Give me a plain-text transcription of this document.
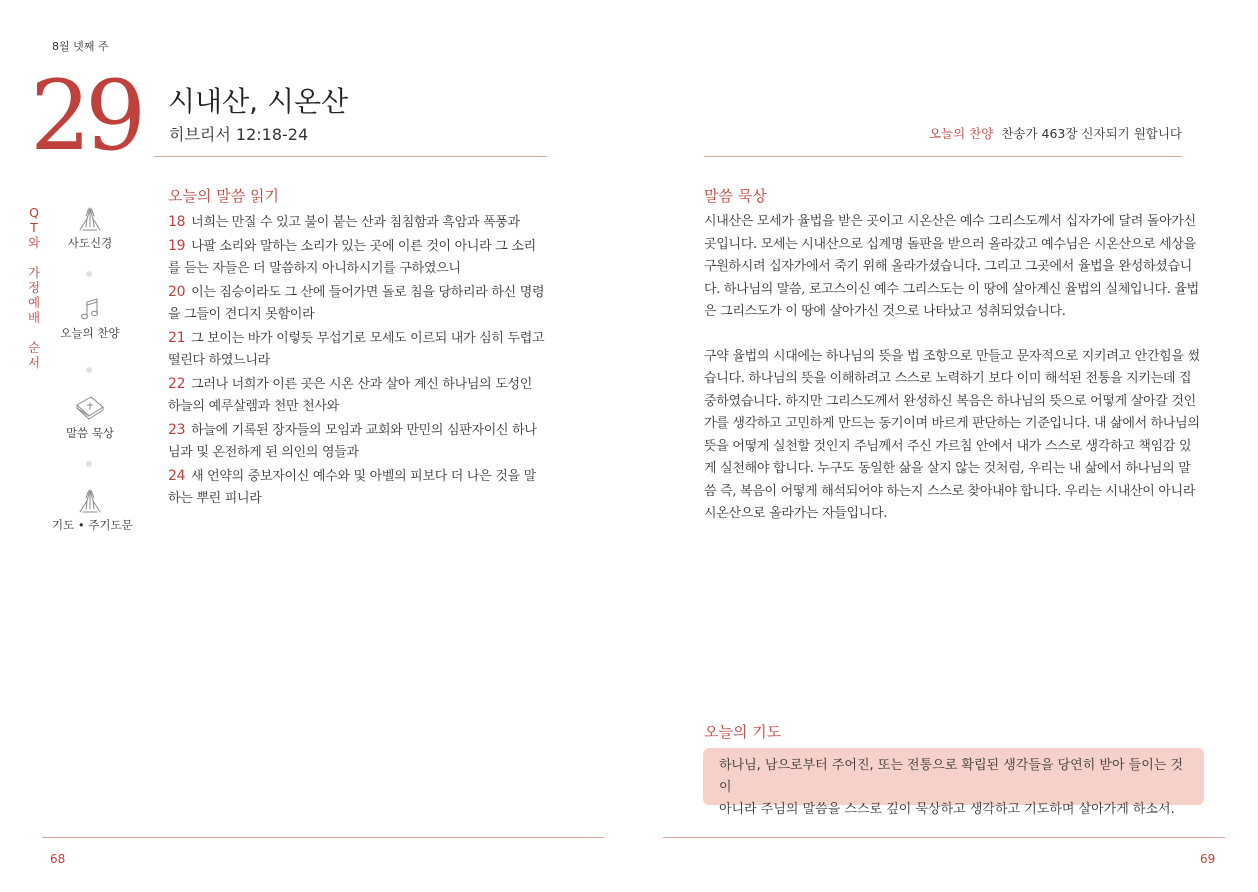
8월 넷째 주
29 시내산, 시온산
히브리서 12:18-24	오늘의 찬양 찬송가 463장 신자되기 원합니다
Q
T
와
가
정
예
배
순
서
사도신경
오늘의 찬양
말씀 묵상
기도 • 주기도문
오늘의 말씀 읽기
18 너희는 만질 수 있고 불이 붙는 산과 침침함과 흑암과 폭풍과
19 나팔 소리와 말하는 소리가 있는 곳에 이른 것이 아니라 그 소리를 듣는 자들은 더 말씀하지 아니하시기를 구하였으니
20 이는 짐승이라도 그 산에 들어가면 돌로 침을 당하리라 하신 명령을 그들이 견디지 못함이라
21 그 보이는 바가 이렇듯 무섭기로 모세도 이르되 내가 심히 두렵고 떨린다 하였느니라
22 그러나 너희가 이른 곳은 시온 산과 살아 계신 하나님의 도성인 하늘의 예루살렘과 천만 천사와
23 하늘에 기록된 장자들의 모임과 교회와 만민의 심판자이신 하나님과 및 온전하게 된 의인의 영들과
24 새 언약의 중보자이신 예수와 및 아벨의 피보다 더 나은 것을 말하는 뿌린 피니라
말씀 묵상

시내산은 모세가 율법을 받은 곳이고 시온산은 예수 그리스도께서 십자가에 달려 돌아가신 곳입니다. 모세는 시내산으로 십계명 돌판을 받으러 올라갔고 예수님은 시온산으로 세상을 구원하시려 십자가에서 죽기 위해 올라가셨습니다. 그리고 그곳에서 율법을 완성하셨습니다. 하나님의 말씀, 로고스이신 예수 그리스도는 이 땅에 살아계신 율법의 실체입니다. 율법은 그리스도가 이 땅에 살아가신 것으로 나타났고 성취되었습니다.

구약 율법의 시대에는 하나님의 뜻을 법 조항으로 만들고 문자적으로 지키려고 안간힘을 썼습니다. 하나님의 뜻을 이해하려고 스스로 노력하기 보다 이미 해석된 전통을 지키는데 집중하였습니다. 하지만 그리스도께서 완성하신 복음은 하나님의 뜻으로 어떻게 살아갈 것인가를 생각하고 고민하게 만드는 동기이며 바르게 판단하는 기준입니다. 내 삶에서 하나님의 뜻을 어떻게 실천할 것인지 주님께서 주신 가르침 안에서 내가 스스로 생각하고 책임감 있게 실천해야 합니다. 누구도 동일한 삶을 살지 않는 것처럼, 우리는 내 삶에서 하나님의 말씀 즉, 복음이 어떻게 해석되어야 하는지 스스로 찾아내야 합니다. 우리는 시내산이 아니라 시온산으로 올라가는 자들입니다.

오늘의 기도
하나님, 남으로부터 주어진, 또는 전통으로 확립된 생각들을 당연히 받아 들이는 것이
아니라 주님의 말씀을 스스로 깊이 묵상하고 생각하고 기도하며 살아가게 하소서.
68	69
